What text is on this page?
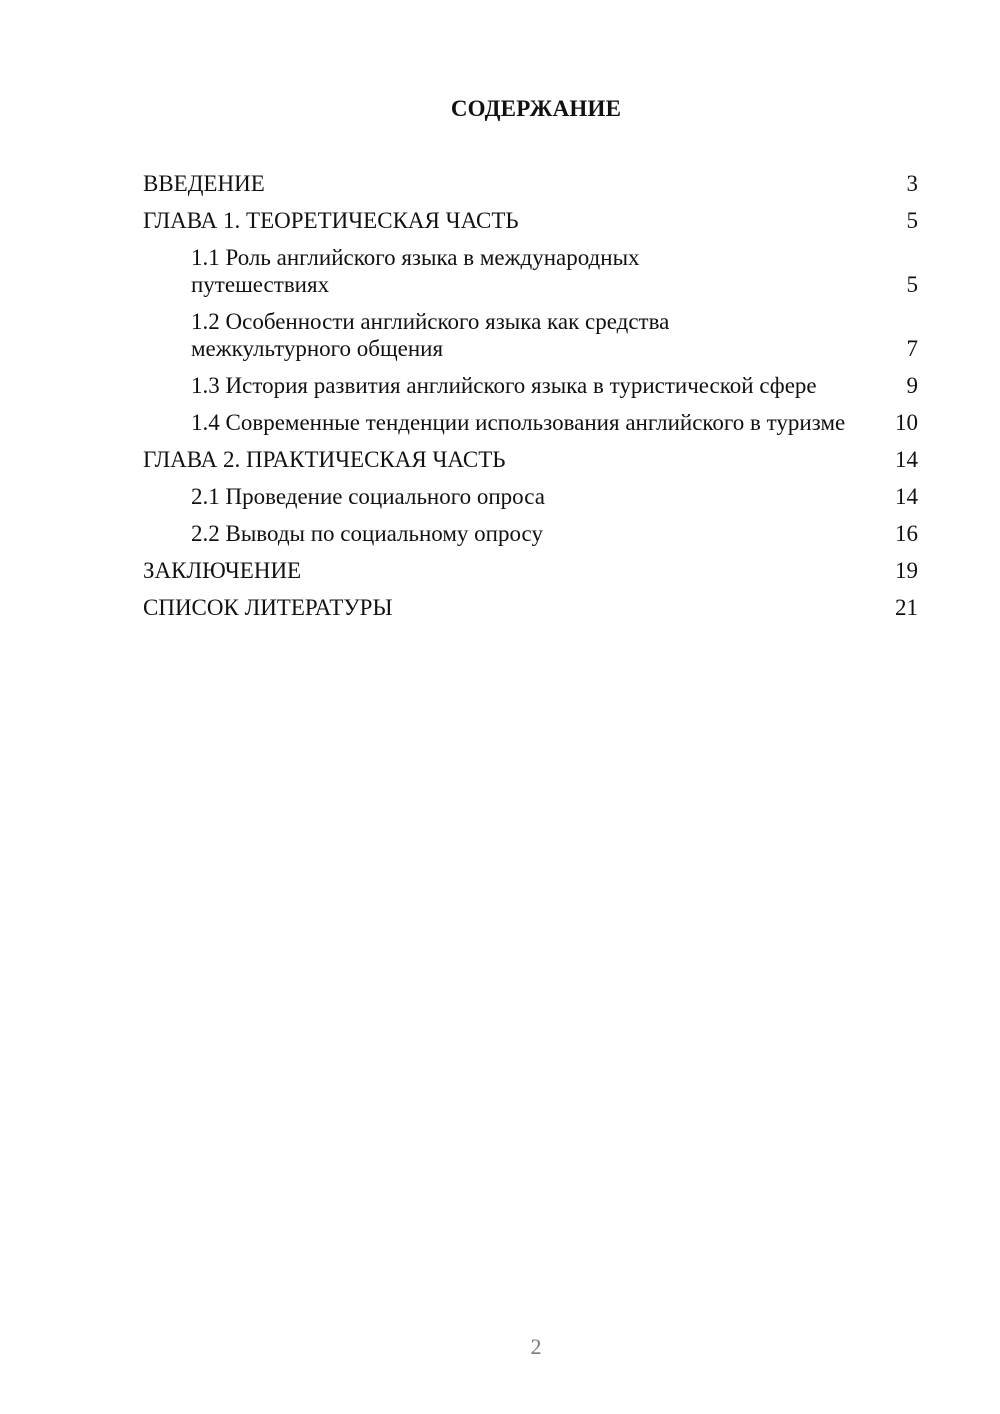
СОДЕРЖАНИЕ
ВВЕДЕНИЕ	3
ГЛАВА 1. ТЕОРЕТИЧЕСКАЯ ЧАСТЬ	5
1.1 Роль английского языка в международных путешествиях	5
1.2 Особенности английского языка как средства межкультурного общения	7
1.3 История развития английского языка в туристической сфере	9
1.4 Современные тенденции использования английского в туризме	10
ГЛАВА 2. ПРАКТИЧЕСКАЯ ЧАСТЬ	14
2.1 Проведение социального опроса	14
2.2 Выводы по социальному опросу	16
ЗАКЛЮЧЕНИЕ	19
СПИСОК ЛИТЕРАТУРЫ	21
2
